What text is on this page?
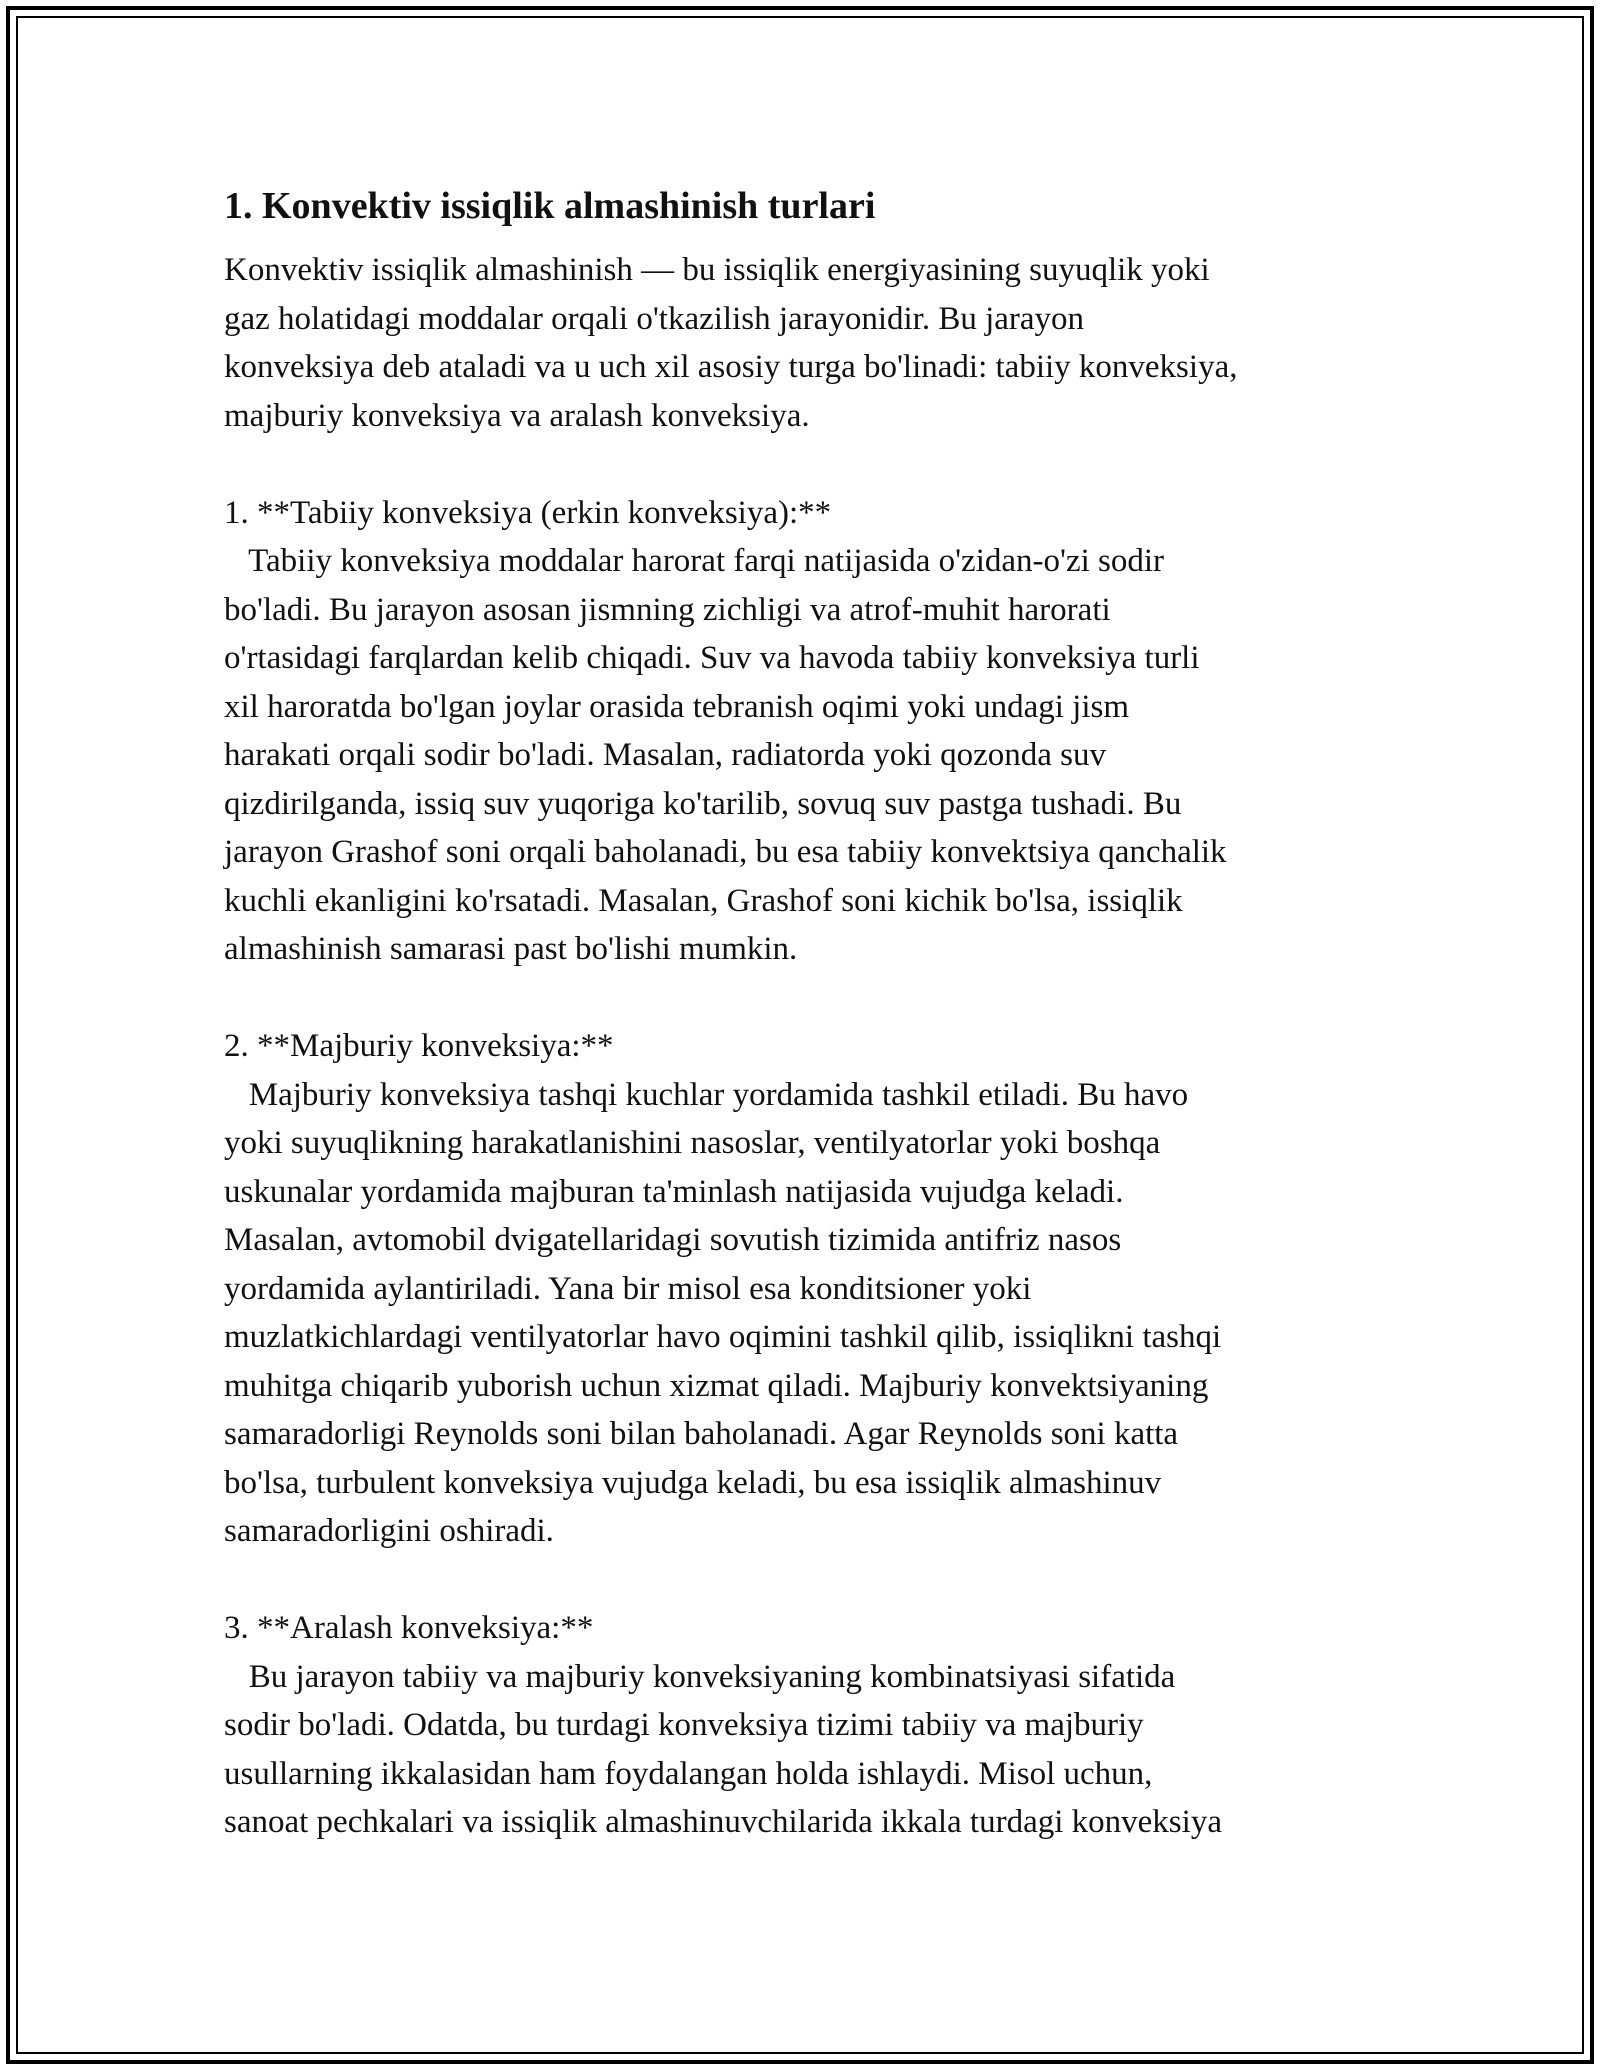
1. Konvektiv issiqlik almashinish turlari

Konvektiv issiqlik almashinish — bu issiqlik energiyasining suyuqlik yoki
gaz holatidagi moddalar orqali o'tkazilish jarayonidir. Bu jarayon
konveksiya deb ataladi va u uch xil asosiy turga bo'linadi: tabiiy konveksiya,
majburiy konveksiya va aralash konveksiya.

1. **Tabiiy konveksiya (erkin konveksiya):**
Tabiiy konveksiya moddalar harorat farqi natijasida o'zidan-o'zi sodir
bo'ladi. Bu jarayon asosan jismning zichligi va atrof-muhit harorati
o'rtasidagi farqlardan kelib chiqadi. Suv va havoda tabiiy konveksiya turli
xil haroratda bo'lgan joylar orasida tebranish oqimi yoki undagi jism
harakati orqali sodir bo'ladi. Masalan, radiatorda yoki qozonda suv
qizdirilganda, issiq suv yuqoriga ko'tarilib, sovuq suv pastga tushadi. Bu
jarayon Grashof soni orqali baholanadi, bu esa tabiiy konvektsiya qanchalik
kuchli ekanligini ko'rsatadi. Masalan, Grashof soni kichik bo'lsa, issiqlik
almashinish samarasi past bo'lishi mumkin.

2. **Majburiy konveksiya:**
Majburiy konveksiya tashqi kuchlar yordamida tashkil etiladi. Bu havo
yoki suyuqlikning harakatlanishini nasoslar, ventilyatorlar yoki boshqa
uskunalar yordamida majburan ta'minlash natijasida vujudga keladi.
Masalan, avtomobil dvigatellaridagi sovutish tizimida antifriz nasos
yordamida aylantiriladi. Yana bir misol esa konditsioner yoki
muzlatkichlardagi ventilyatorlar havo oqimini tashkil qilib, issiqlikni tashqi
muhitga chiqarib yuborish uchun xizmat qiladi. Majburiy konvektsiyaning
samaradorligi Reynolds soni bilan baholanadi. Agar Reynolds soni katta
bo'lsa, turbulent konveksiya vujudga keladi, bu esa issiqlik almashinuv
samaradorligini oshiradi.

3. **Aralash konveksiya:**
Bu jarayon tabiiy va majburiy konveksiyaning kombinatsiyasi sifatida
sodir bo'ladi. Odatda, bu turdagi konveksiya tizimi tabiiy va majburiy
usullarning ikkalasidan ham foydalangan holda ishlaydi. Misol uchun,
sanoat pechkalari va issiqlik almashinuvchilarida ikkala turdagi konveksiya
